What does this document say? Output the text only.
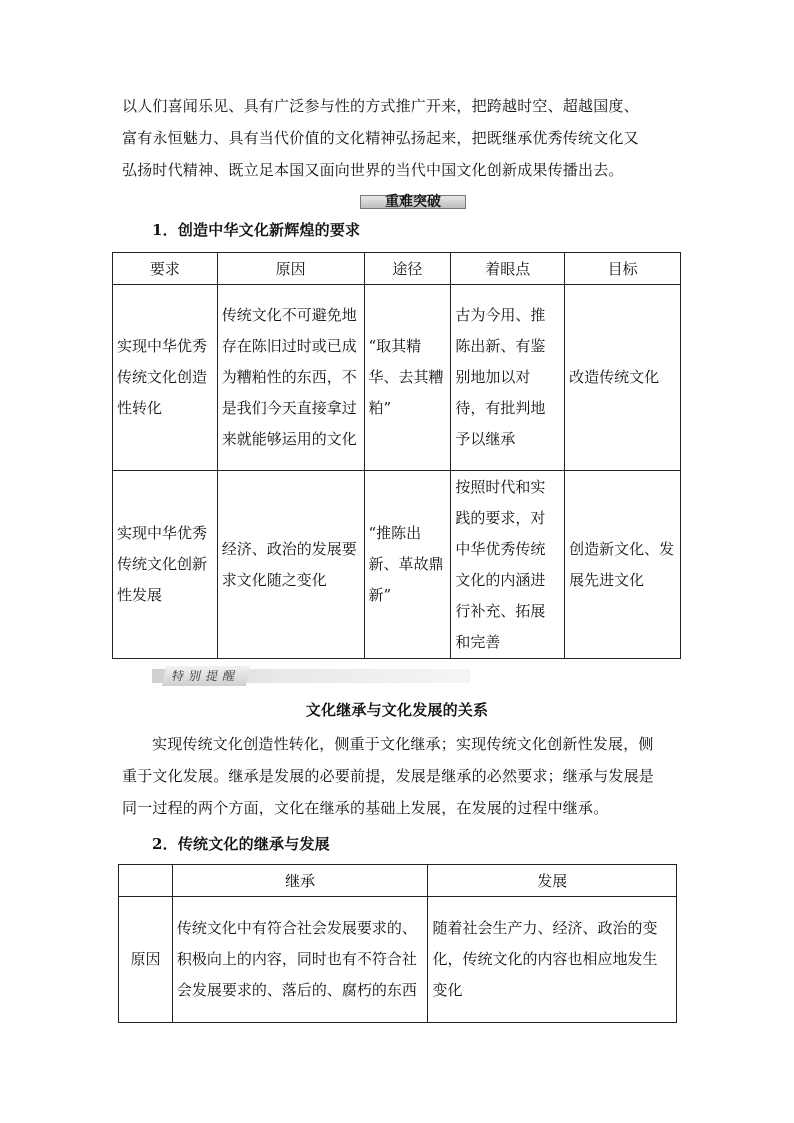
以人们喜闻乐见、具有广泛参与性的方式推广开来，把跨越时空、超越国度、
富有永恒魅力、具有当代价值的文化精神弘扬起来，把既继承优秀传统文化又
弘扬时代精神、既立足本国又面向世界的当代中国文化创新成果传播出去。
重难突破
1．创造中华文化新辉煌的要求
要求	原因	途径	着眼点	目标
实现中华优秀传统文化创造性转化	传统文化不可避免地存在陈旧过时或已成为糟粕性的东西，不是我们今天直接拿过来就能够运用的文化	“取其精华、去其糟粕”	古为今用、推陈出新、有鉴别地加以对待，有批判地予以继承	改造传统文化
实现中华优秀传统文化创新性发展	经济、政治的发展要求文化随之变化	“推陈出新、革故鼎新”	按照时代和实践的要求，对中华优秀传统文化的内涵进行补充、拓展和完善	创造新文化、发展先进文化
特别提醒
文化继承与文化发展的关系
实现传统文化创造性转化，侧重于文化继承；实现传统文化创新性发展，侧
重于文化发展。继承是发展的必要前提，发展是继承的必然要求；继承与发展是
同一过程的两个方面，文化在继承的基础上发展，在发展的过程中继承。
2．传统文化的继承与发展
	继承	发展
原因	传统文化中有符合社会发展要求的、积极向上的内容，同时也有不符合社会发展要求的、落后的、腐朽的东西	随着社会生产力、经济、政治的变化，传统文化的内容也相应地发生变化
